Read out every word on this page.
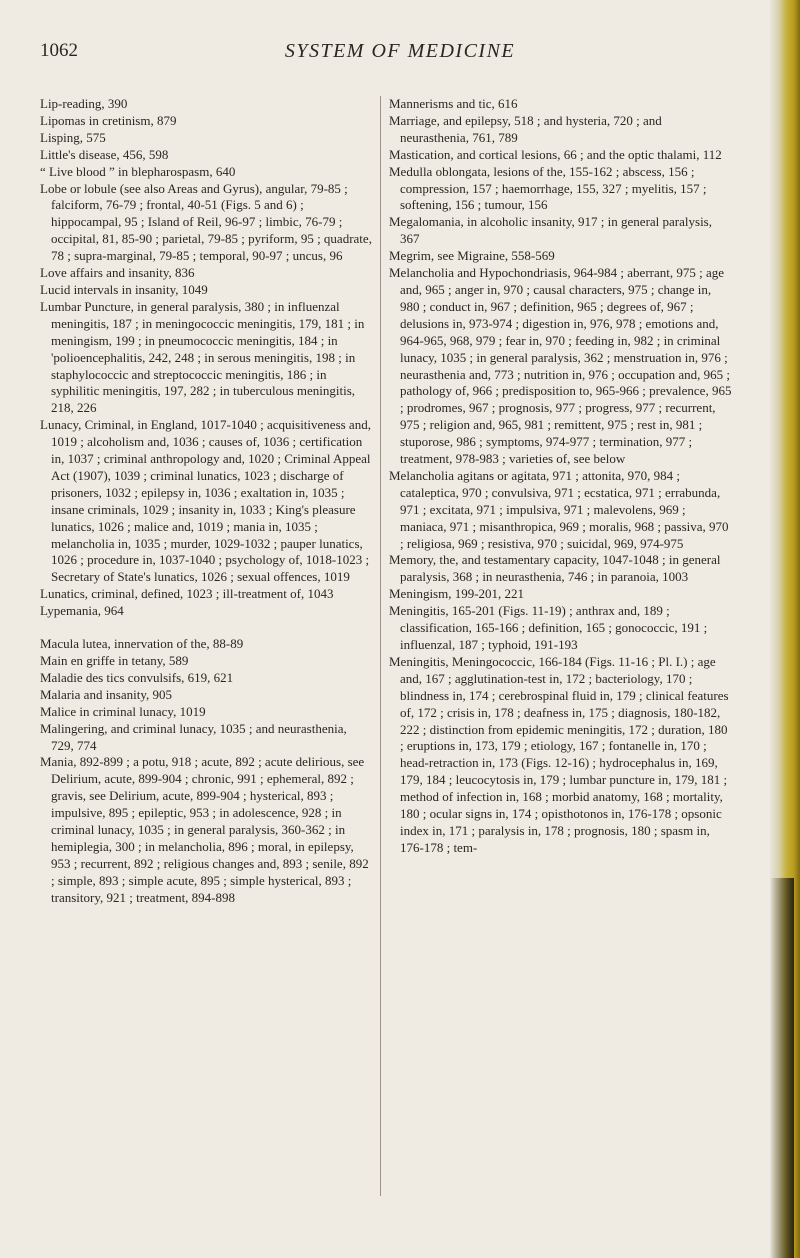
1062	SYSTEM OF MEDICINE

Lip-reading, 390

Lipomas in cretinism, 879

Lisping, 575

Little's disease, 456, 598

“ Live blood ” in blepharospasm, 640

Lobe or lobule (see also Areas and Gyrus), angular, 79-85 ; falciform, 76-79 ; frontal, 40-51 (Figs. 5 and 6) ; hippocampal, 95 ; Island of Reil, 96-97 ; limbic, 76-79 ; occipital, 81, 85-90 ; parietal, 79-85 ; pyriform, 95 ; quadrate, 78 ; supra-marginal, 79-85 ; temporal, 90-97 ; uncus, 96

Love affairs and insanity, 836

Lucid intervals in insanity, 1049

Lumbar Puncture, in general paralysis, 380 ; in influenzal meningitis, 187 ; in meningococcic meningitis, 179, 181 ; in meningism, 199 ; in pneumococcic meningitis, 184 ; in 'polioencephalitis, 242, 248 ; in serous meningitis, 198 ; in staphylococcic and streptococcic meningitis, 186 ; in syphilitic meningitis, 197, 282 ; in tuberculous meningitis, 218, 226

Lunacy, Criminal, in England, 1017-1040 ; acquisitiveness and, 1019 ; alcoholism and, 1036 ; causes of, 1036 ; certification in, 1037 ; criminal anthropology and, 1020 ; Criminal Appeal Act (1907), 1039 ; criminal lunatics, 1023 ; discharge of prisoners, 1032 ; epilepsy in, 1036 ; exaltation in, 1035 ; insane criminals, 1029 ; insanity in, 1033 ; King's pleasure lunatics, 1026 ; malice and, 1019 ; mania in, 1035 ; melancholia in, 1035 ; murder, 1029-1032 ; pauper lunatics, 1026 ; procedure in, 1037-1040 ; psychology of, 1018-1023 ; Secretary of State's lunatics, 1026 ; sexual offences, 1019

Lunatics, criminal, defined, 1023 ; ill-treatment of, 1043

Lypemania, 964

Macula lutea, innervation of the, 88-89

Main en griffe in tetany, 589

Maladie des tics convulsifs, 619, 621

Malaria and insanity, 905

Malice in criminal lunacy, 1019

Malingering, and criminal lunacy, 1035 ; and neurasthenia, 729, 774

Mania, 892-899 ; a potu, 918 ; acute, 892 ; acute delirious, see Delirium, acute, 899-904 ; chronic, 991 ; ephemeral, 892 ; gravis, see Delirium, acute, 899-904 ; hysterical, 893 ; impulsive, 895 ; epileptic, 953 ; in adolescence, 928 ; in criminal lunacy, 1035 ; in general paralysis, 360-362 ; in hemiplegia, 300 ; in melancholia, 896 ; moral, in epilepsy, 953 ; recurrent, 892 ; religious changes and, 893 ; senile, 892 ; simple, 893 ; simple acute, 895 ; simple hysterical, 893 ; transitory, 921 ; treatment, 894-898

Mannerisms and tic, 616

Marriage, and epilepsy, 518 ; and hysteria, 720 ; and neurasthenia, 761, 789

Mastication, and cortical lesions, 66 ; and the optic thalami, 112

Medulla oblongata, lesions of the, 155-162 ; abscess, 156 ; compression, 157 ; haemorrhage, 155, 327 ; myelitis, 157 ; softening, 156 ; tumour, 156

Megalomania, in alcoholic insanity, 917 ; in general paralysis, 367

Megrim, see Migraine, 558-569

Melancholia and Hypochondriasis, 964-984 ; aberrant, 975 ; age and, 965 ; anger in, 970 ; causal characters, 975 ; change in, 980 ; conduct in, 967 ; definition, 965 ; degrees of, 967 ; delusions in, 973-974 ; digestion in, 976, 978 ; emotions and, 964-965, 968, 979 ; fear in, 970 ; feeding in, 982 ; in criminal lunacy, 1035 ; in general paralysis, 362 ; menstruation in, 976 ; neurasthenia and, 773 ; nutrition in, 976 ; occupation and, 965 ; pathology of, 966 ; predisposition to, 965-966 ; prevalence, 965 ; prodromes, 967 ; prognosis, 977 ; progress, 977 ; recurrent, 975 ; religion and, 965, 981 ; remittent, 975 ; rest in, 981 ; stuporose, 986 ; symptoms, 974-977 ; termination, 977 ; treatment, 978-983 ; varieties of, see below

Melancholia agitans or agitata, 971 ; attonita, 970, 984 ; cataleptica, 970 ; convulsiva, 971 ; ecstatica, 971 ; errabunda, 971 ; excitata, 971 ; impulsiva, 971 ; malevolens, 969 ; maniaca, 971 ; misanthropica, 969 ; moralis, 968 ; passiva, 970 ; religiosa, 969 ; resistiva, 970 ; suicidal, 969, 974-975

Memory, the, and testamentary capacity, 1047-1048 ; in general paralysis, 368 ; in neurasthenia, 746 ; in paranoia, 1003

Meningism, 199-201, 221

Meningitis, 165-201 (Figs. 11-19) ; anthrax and, 189 ; classification, 165-166 ; definition, 165 ; gonococcic, 191 ; influenzal, 187 ; typhoid, 191-193

Meningitis, Meningococcic, 166-184 (Figs. 11-16 ; Pl. I.) ; age and, 167 ; agglutination-test in, 172 ; bacteriology, 170 ; blindness in, 174 ; cerebrospinal fluid in, 179 ; clinical features of, 172 ; crisis in, 178 ; deafness in, 175 ; diagnosis, 180-182, 222 ; distinction from epidemic meningitis, 172 ; duration, 180 ; eruptions in, 173, 179 ; etiology, 167 ; fontanelle in, 170 ; head-retraction in, 173 (Figs. 12-16) ; hydrocephalus in, 169, 179, 184 ; leucocytosis in, 179 ; lumbar puncture in, 179, 181 ; method of infection in, 168 ; morbid anatomy, 168 ; mortality, 180 ; ocular signs in, 174 ; opisthotonos in, 176-178 ; opsonic index in, 171 ; paralysis in, 178 ; prognosis, 180 ; spasm in, 176-178 ; tem-
